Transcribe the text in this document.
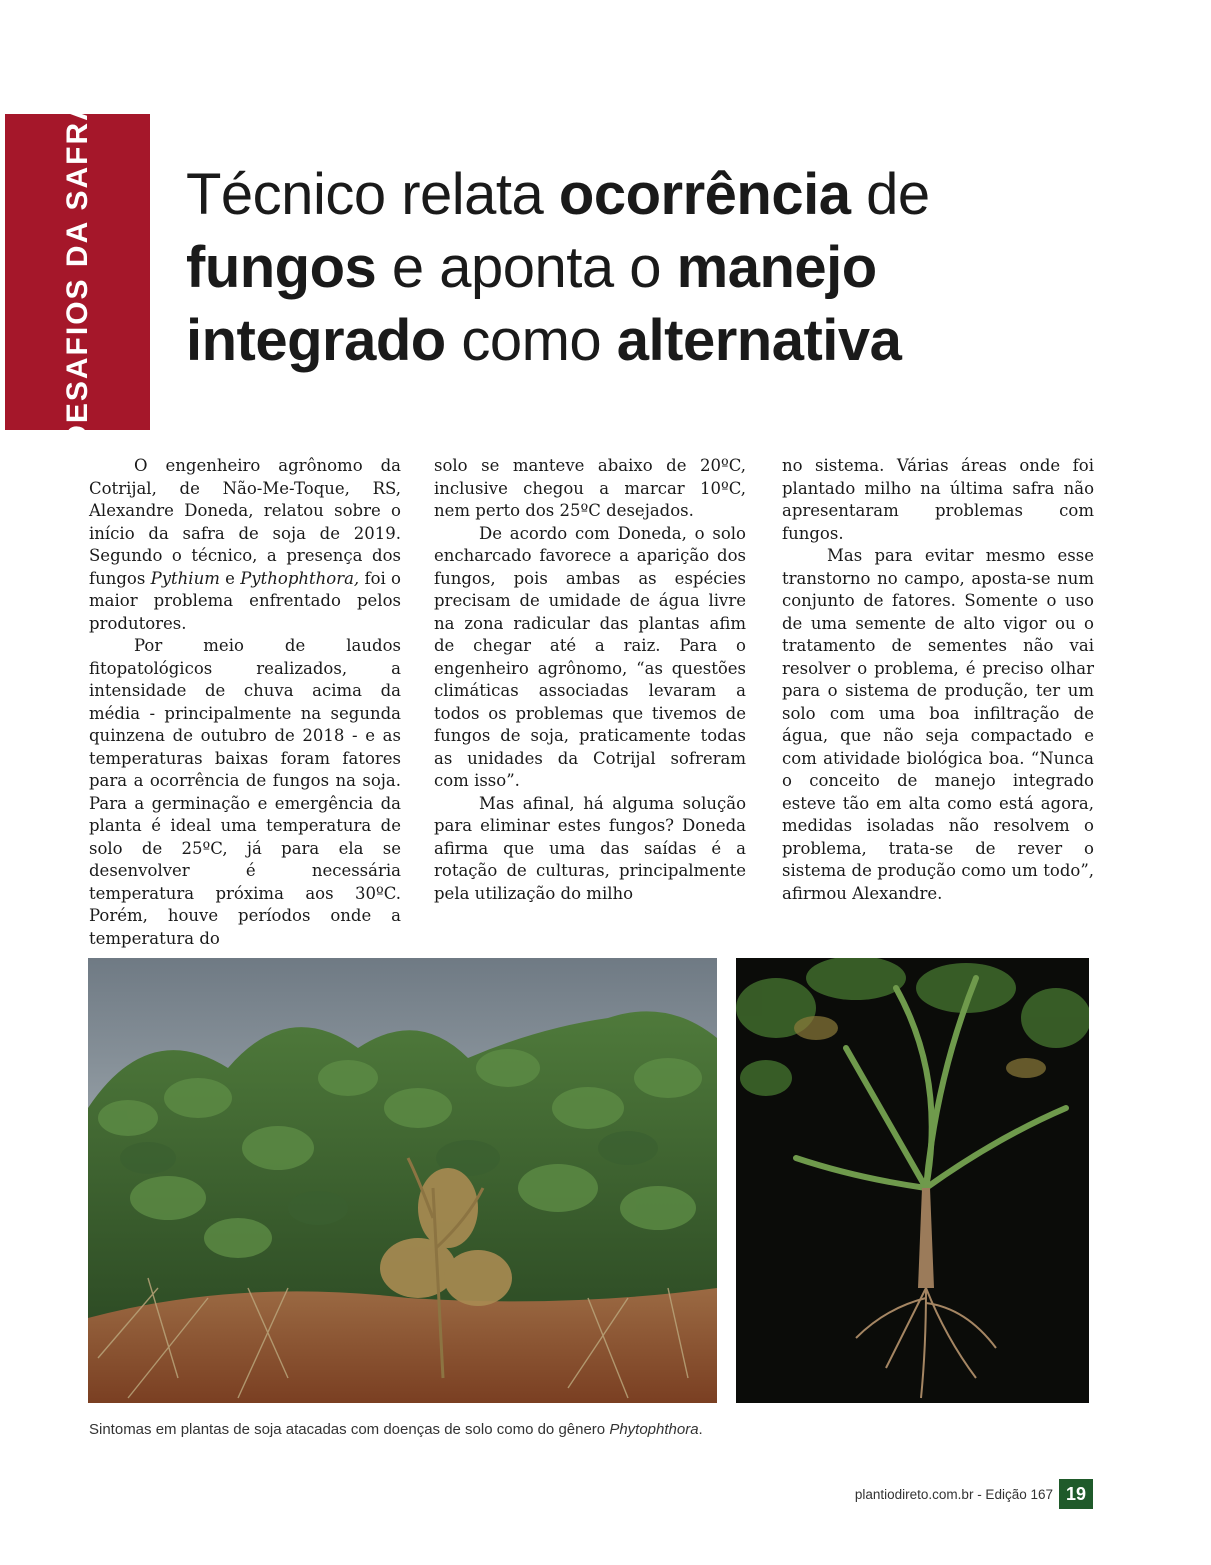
DESAFIOS DA SAFRA Técnico relata ocorrência de
fungos e aponta o manejo
integrado como alternativa

O engenheiro agrônomo da Cotrijal, de Não-Me-Toque, RS, Alexandre Doneda, relatou sobre o início da safra de soja de 2019. Segundo o técnico, a presença dos fungos Pythium e Pythophthora, foi o maior problema enfrentado pelos produtores.

Por meio de laudos fitopatológicos realizados, a intensidade de chuva acima da média - principalmente na segunda quinzena de outubro de 2018 - e as temperaturas baixas foram fatores para a ocorrência de fungos na soja. Para a germinação e emergência da planta é ideal uma temperatura de solo de 25ºC, já para ela se desenvolver é necessária temperatura próxima aos 30ºC. Porém, houve períodos onde a temperatura do

solo se manteve abaixo de 20ºC, inclusive chegou a marcar 10ºC, nem perto dos 25ºC desejados.

De acordo com Doneda, o solo encharcado favorece a aparição dos fungos, pois ambas as espécies precisam de umidade de água livre na zona radicular das plantas afim de chegar até a raiz. Para o engenheiro agrônomo, “as questões climáticas associadas levaram a todos os problemas que tivemos de fungos de soja, praticamente todas as unidades da Cotrijal sofreram com isso”.

Mas afinal, há alguma solução para eliminar estes fungos? Doneda afirma que uma das saídas é a rotação de culturas, principalmente pela utilização do milho

no sistema. Várias áreas onde foi plantado milho na última safra não apresentaram problemas com fungos.

Mas para evitar mesmo esse transtorno no campo, aposta-se num conjunto de fatores. Somente o uso de uma semente de alto vigor ou o tratamento de sementes não vai resolver o problema, é preciso olhar para o sistema de produção, ter um solo com uma boa infiltração de água, que não seja compactado e com atividade biológica boa. “Nunca o conceito de manejo integrado esteve tão em alta como está agora, medidas isoladas não resolvem o problema, trata-se de rever o sistema de produção como um todo”, afirmou Alexandre.

Sintomas em plantas de soja atacadas com doenças de solo como do gênero Phytophthora.
plantiodireto.com.br - Edição 167 19
